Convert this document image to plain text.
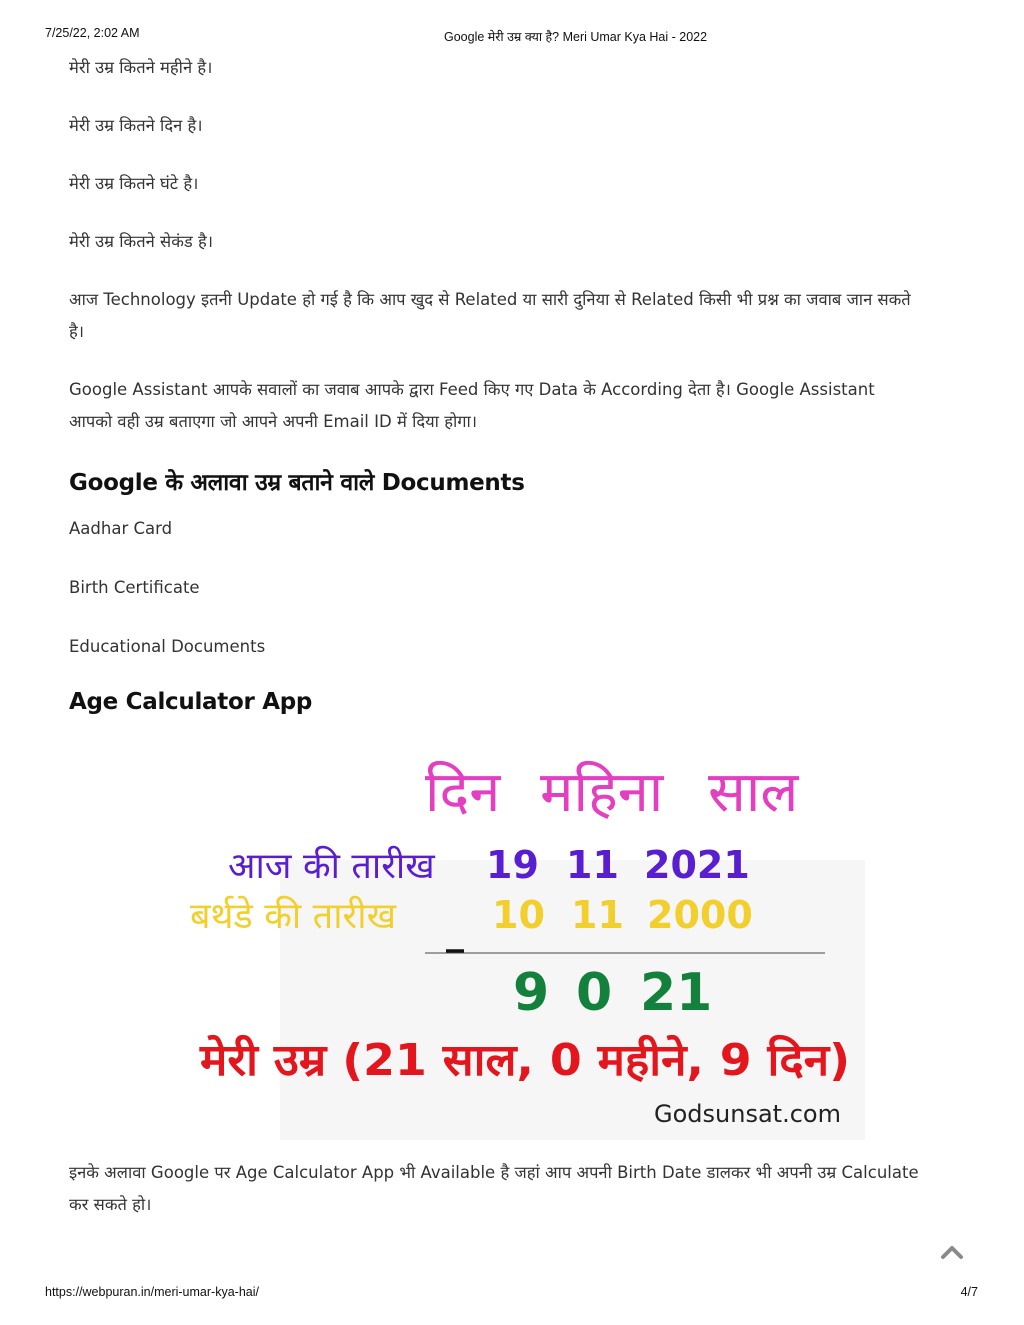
7/25/22, 2:02 AM	Google मेरी उम्र क्या है? Meri Umar Kya Hai - 2022

मेरी उम्र कितने महीने है।

मेरी उम्र कितने दिन है।

मेरी उम्र कितने घंटे है।

मेरी उम्र कितने सेकंड है।

आज Technology इतनी Update हो गई है कि आप खुद से Related या सारी दुनिया से Related किसी भी प्रश्न का जवाब जान सकते

है।

Google Assistant आपके सवालों का जवाब आपके द्वारा Feed किए गए Data के According देता है। Google Assistant

आपको वही उम्र बताएगा जो आपने अपनी Email ID में दिया होगा।

Google के अलावा उम्र बताने वाले Documents

Aadhar Card

Birth Certificate

Educational Documents

Age Calculator App
दिन महिना साल
आज की तारीख 19 11 2021
बर्थडे की तारीख	10 11 2000
_
9 0 21
मेरी उम्र (21 साल, 0 महीने, 9 दिन)
Godsunsat.com

इनके अलावा Google पर Age Calculator App भी Available है जहां आप अपनी Birth Date डालकर भी अपनी उम्र Calculate

कर सकते हो।

https://webpuran.in/meri-umar-kya-hai/	4/7
